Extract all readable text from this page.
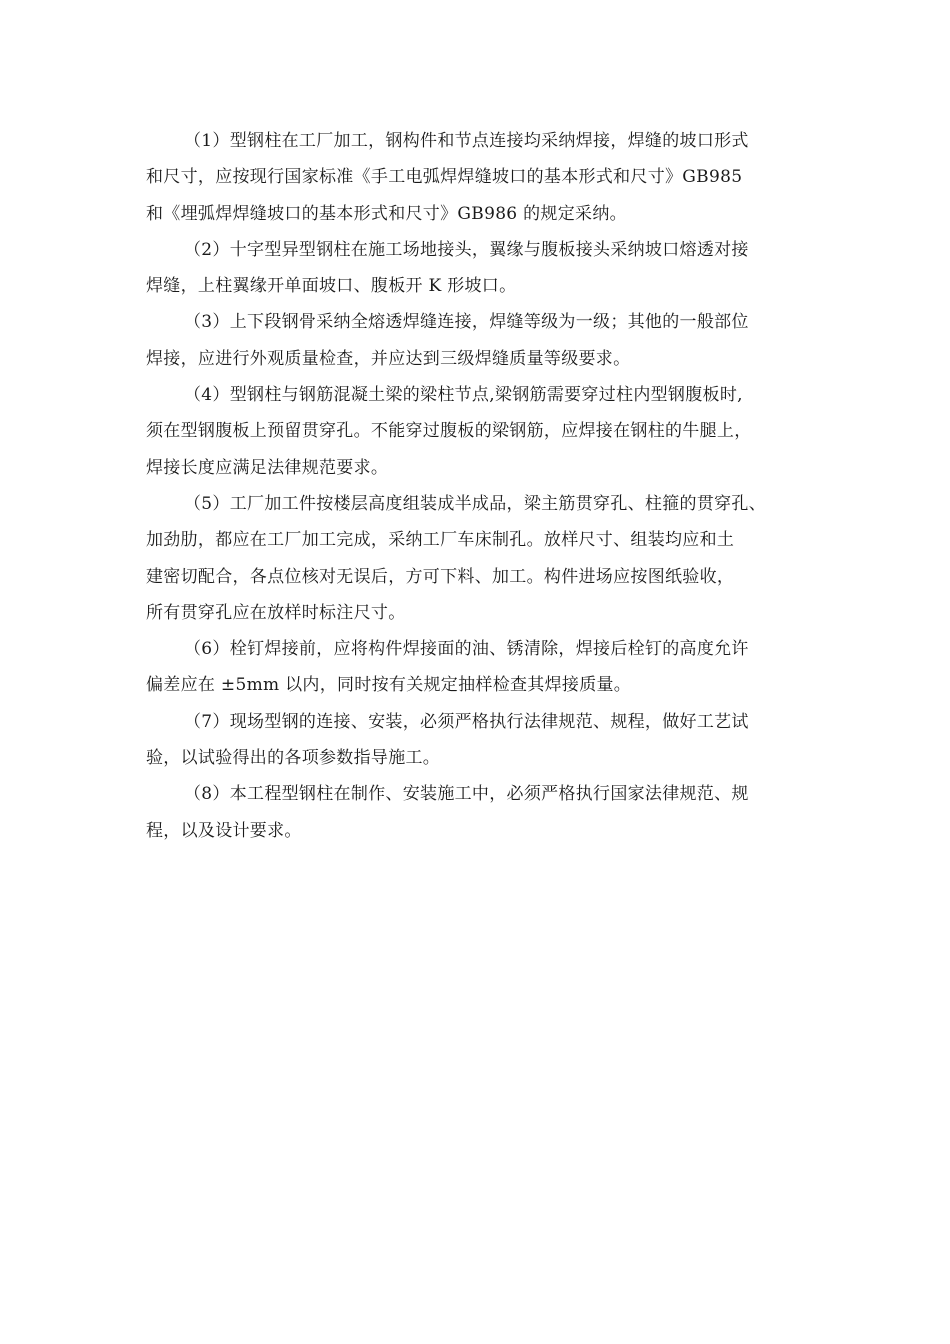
（1）型钢柱在工厂加工，钢构件和节点连接均采纳焊接，焊缝的坡口形式
和尺寸，应按现行国家标准《手工电弧焊焊缝坡口的基本形式和尺寸》GB985
和《埋弧焊焊缝坡口的基本形式和尺寸》GB986 的规定采纳。
（2）十字型异型钢柱在施工场地接头，翼缘与腹板接头采纳坡口熔透对接
焊缝，上柱翼缘开单面坡口、腹板开 K 形坡口。
（3）上下段钢骨采纳全熔透焊缝连接，焊缝等级为一级；其他的一般部位
焊接，应进行外观质量检查，并应达到三级焊缝质量等级要求。
（4）型钢柱与钢筋混凝土梁的梁柱节点,梁钢筋需要穿过柱内型钢腹板时,
须在型钢腹板上预留贯穿孔。不能穿过腹板的梁钢筋，应焊接在钢柱的牛腿上，
焊接长度应满足法律规范要求。
（5）工厂加工件按楼层高度组装成半成品，梁主筋贯穿孔、柱箍的贯穿孔、
加劲肋，都应在工厂加工完成，采纳工厂车床制孔。放样尺寸、组装均应和土
建密切配合，各点位核对无误后，方可下料、加工。构件进场应按图纸验收，
所有贯穿孔应在放样时标注尺寸。
（6）栓钉焊接前，应将构件焊接面的油、锈清除，焊接后栓钉的高度允许
偏差应在 ±5mm 以内，同时按有关规定抽样检查其焊接质量。
（7）现场型钢的连接、安装，必须严格执行法律规范、规程，做好工艺试
验，以试验得出的各项参数指导施工。
（8）本工程型钢柱在制作、安装施工中，必须严格执行国家法律规范、规
程，以及设计要求。
